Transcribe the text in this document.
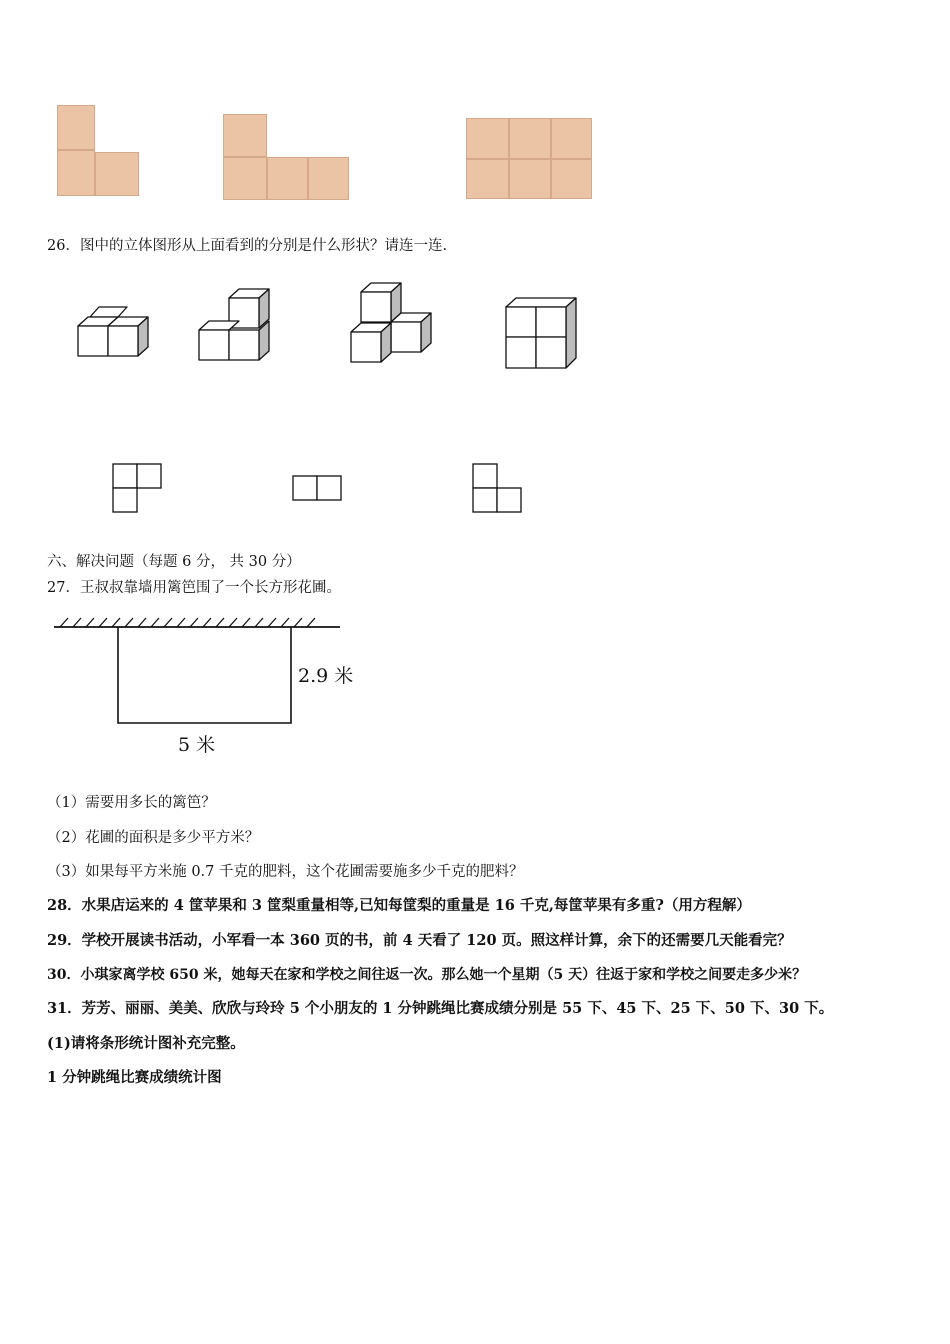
26．图中的立体图形从上面看到的分别是什么形状？请连一连.
六、解决问题（每题 6 分， 共 30 分）
27．王叔叔靠墙用篱笆围了一个长方形花圃。
2.9 米
5 米
（1）需要用多长的篱笆？
（2）花圃的面积是多少平方米？
（3）如果每平方米施 0.7 千克的肥料，这个花圃需要施多少千克的肥料？
28．水果店运来的 4 筐苹果和 3 筐梨重量相等,已知每筐梨的重量是 16 千克,每筐苹果有多重?（用方程解）
29．学校开展读书活动，小军看一本 360 页的书，前 4 天看了 120 页。照这样计算，余下的还需要几天能看完？
30．小琪家离学校 650 米，她每天在家和学校之间往返一次。那么她一个星期（5 天）往返于家和学校之间要走多少米？
31．芳芳、丽丽、美美、欣欣与玲玲 5 个小朋友的 1 分钟跳绳比赛成绩分别是 55 下、45 下、25 下、50 下、30 下。
(1)请将条形统计图补充完整。
1 分钟跳绳比赛成绩统计图
